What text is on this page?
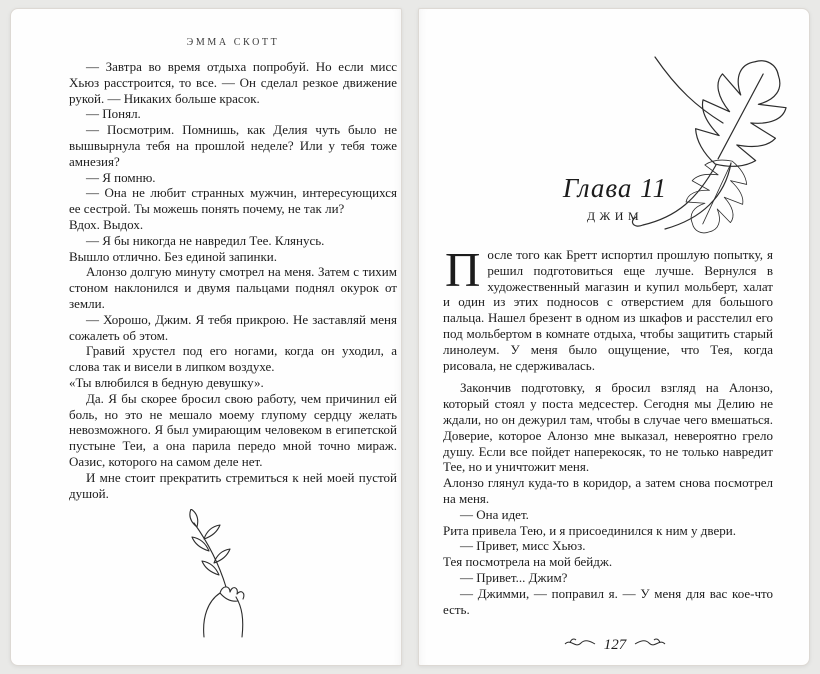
ЭММА СКОТТ

— Завтра во время отдыха попробуй. Но если мисс Хьюз расстроится, то все. — Он сделал резкое движение рукой. — Никаких больше красок.

— Понял.

— Посмотрим. Помнишь, как Делия чуть было не вышвырнула тебя на прошлой неделе? Или у тебя тоже амнезия?

— Я помню.

— Она не любит странных мужчин, интересующихся ее сестрой. Ты можешь понять почему, не так ли?

Вдох. Выдох.

— Я бы никогда не навредил Тее. Клянусь.

Вышло отлично. Без единой запинки.

Алонзо долгую минуту смотрел на меня. Затем с тихим стоном наклонился и двумя пальцами поднял окурок от земли.

— Хорошо, Джим. Я тебя прикрою. Не заставляй меня сожалеть об этом.

Гравий хрустел под его ногами, когда он уходил, а слова так и висели в липком воздухе.

«Ты влюбился в бедную девушку».

Да. Я бы скорее бросил свою работу, чем причинил ей боль, но это не мешало моему глупому сердцу желать невозможного. Я был умирающим человеком в египетской пустыне Теи, а она парила передо мной точно мираж. Оазис, которого на самом деле нет.

И мне стоит прекратить стремиться к ней моей пустой душой.

Глава 11
ДЖИМ

После того как Бретт испортил прошлую попытку, я решил подготовиться еще лучше. Вернулся в художественный магазин и купил мольберт, халат и один из этих подносов с отверстием для большого пальца. Нашел брезент в одном из шкафов и расстелил его под мольбертом в комнате отдыха, чтобы защитить старый линолеум. У меня было ощущение, что Тея, когда рисовала, не сдерживалась.

Закончив подготовку, я бросил взгляд на Алонзо, который стоял у поста медсестер. Сегодня мы Делию не ждали, но он дежурил там, чтобы в случае чего вмешаться. Доверие, которое Алонзо мне выказал, невероятно грело душу. Если все пойдет наперекосяк, то не только навредит Тее, но и уничтожит меня.

Алонзо глянул куда-то в коридор, а затем снова посмотрел на меня.

— Она идет.

Рита привела Тею, и я присоединился к ним у двери.

— Привет, мисс Хьюз.

Тея посмотрела на мой бейдж.

— Привет... Джим?

— Джимми, — поправил я. — У меня для вас кое-что есть.

127
